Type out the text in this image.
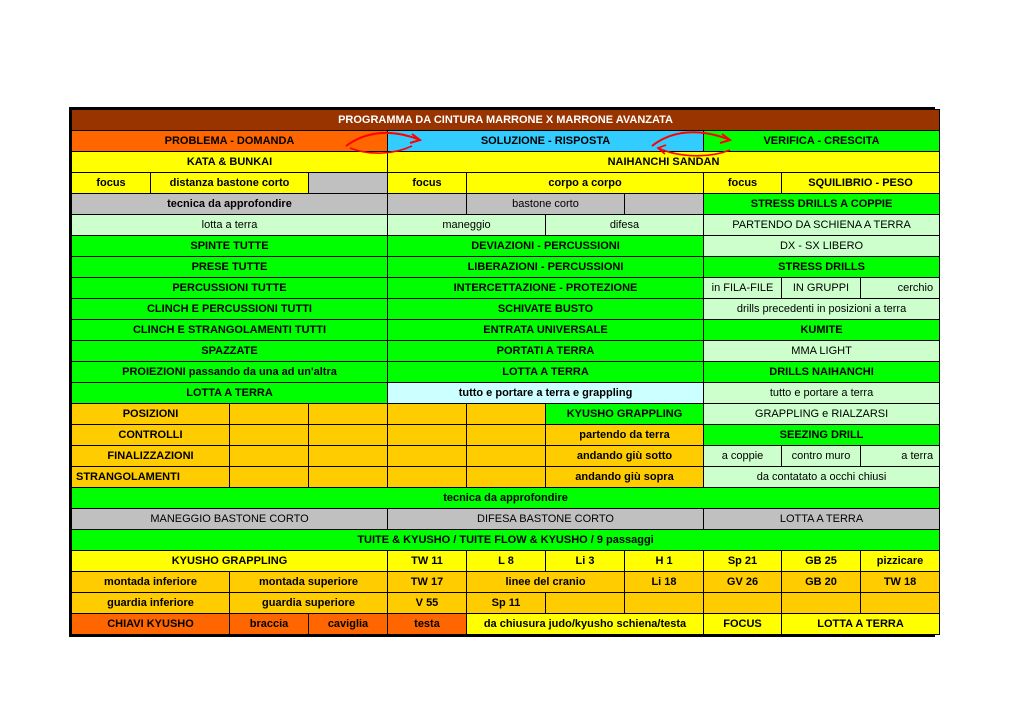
PROGRAMMA DA CINTURA MARRONE X MARRONE AVANZATA										
PROBLEMA - DOMANDA				SOLUZIONE - RISPOSTA				VERIFICA - CRESCITA		
KATA & BUNKAI				NAIHANCHI SANDAN						
focus	distanza bastone corto			focus	corpo a corpo			focus	SQUILIBRIO - PESO	
tecnica da approfondire					bastone corto			STRESS DRILLS A COPPIE		
lotta a terra				maneggio		difesa		PARTENDO DA SCHIENA A TERRA		
SPINTE TUTTE				DEVIAZIONI - PERCUSSIONI				DX - SX LIBERO		
PRESE TUTTE				LIBERAZIONI - PERCUSSIONI				STRESS DRILLS		
PERCUSSIONI TUTTE				INTERCETTAZIONE - PROTEZIONE				in FILA-FILE	IN GRUPPI	cerchio
CLINCH E PERCUSSIONI TUTTI				SCHIVATE BUSTO				drills precedenti in posizioni a terra		
CLINCH E STRANGOLAMENTI TUTTI				ENTRATA UNIVERSALE				KUMITE		
SPAZZATE				PORTATI A TERRA				MMA LIGHT		
PROIEZIONI passando da una ad un'altra				LOTTA A TERRA				DRILLS NAIHANCHI		
LOTTA A TERRA				tutto e portare a terra e grappling				tutto e portare a terra		
POSIZIONI						KYUSHO GRAPPLING		GRAPPLING e RIALZARSI		
CONTROLLI						partendo da terra		SEEZING DRILL		
FINALIZZAZIONI						andando giù sotto		a coppie	contro muro	a terra
STRANGOLAMENTI						andando giù sopra		da contatato a occhi chiusi		
tecnica da approfondire										
MANEGGIO BASTONE CORTO				DIFESA BASTONE CORTO				LOTTA A TERRA		
TUITE & KYUSHO / TUITE FLOW & KYUSHO / 9 passaggi										
KYUSHO GRAPPLING				TW 11	L 8	Li 3	H 1	Sp 21	GB 25	pizzicare
montada inferiore		montada superiore		TW 17	linee del cranio		Li 18	GV 26	GB 20	TW 18
guardia inferiore		guardia superiore		V 55	Sp 11					
CHIAVI KYUSHO		braccia	caviglia	testa	da chiusura judo/kyusho schiena/testa			FOCUS	LOTTA A TERRA	
